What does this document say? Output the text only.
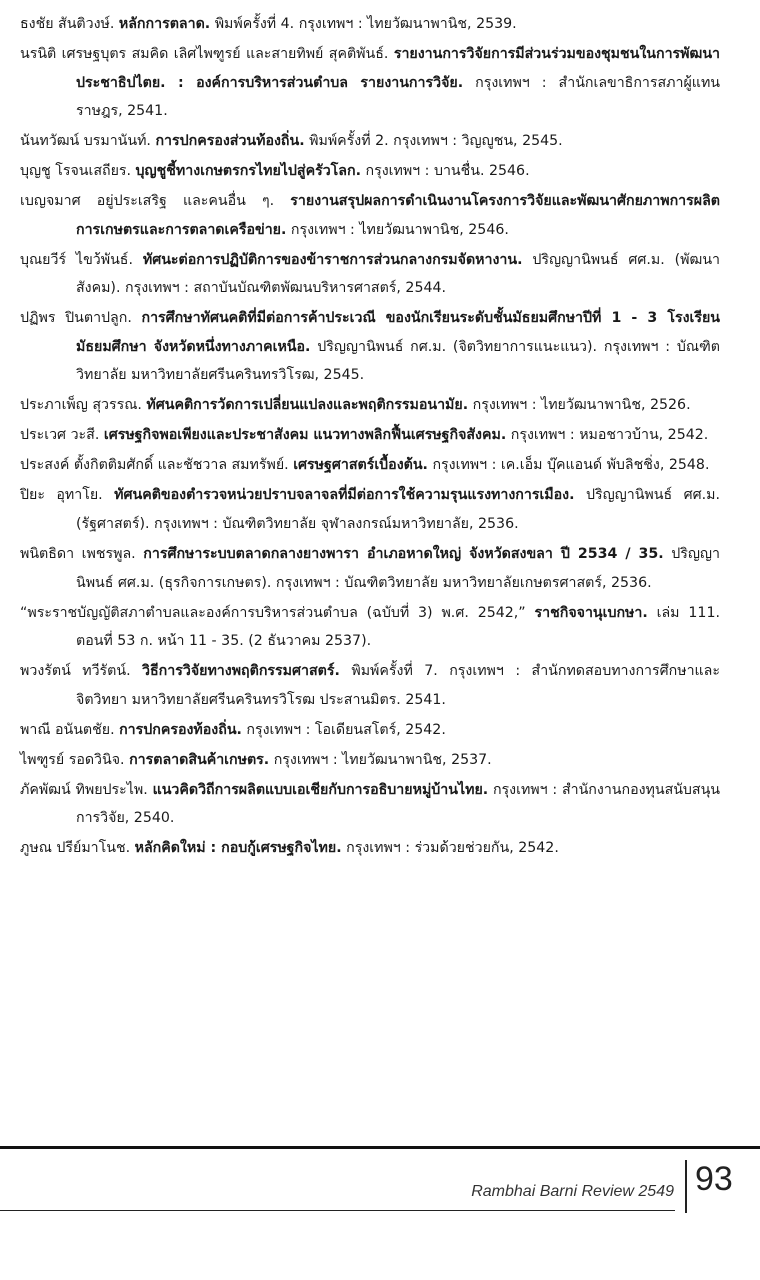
ธงชัย สันติวงษ์. หลักการตลาด. พิมพ์ครั้งที่ 4. กรุงเทพฯ : ไทยวัฒนาพานิช, 2539.

นรนิติ เศรษฐบุตร สมคิด เลิศไพฑูรย์ และสายทิพย์ สุคติพันธ์. รายงานการวิจัยการมีส่วนร่วมของชุมชนในการพัฒนาประชาธิปไตย. : องค์การบริหารส่วนตำบล รายงานการวิจัย. กรุงเทพฯ : สำนักเลขาธิการสภาผู้แทนราษฎร, 2541.

นันทวัฒน์ บรมานันท์. การปกครองส่วนท้องถิ่น. พิมพ์ครั้งที่ 2. กรุงเทพฯ : วิญญูชน, 2545.

บุญชู โรจนเสถียร. บุญชูชี้ทางเกษตรกรไทยไปสู่ครัวโลก. กรุงเทพฯ : บานชื่น. 2546.

เบญจมาศ อยู่ประเสริฐ และคนอื่น ๆ. รายงานสรุปผลการดำเนินงานโครงการวิจัยและพัฒนาศักยภาพการผลิตการเกษตรและการตลาดเครือข่าย. กรุงเทพฯ : ไทยวัฒนาพานิช, 2546.

บุณยวีร์ ไขว้พันธ์. ทัศนะต่อการปฏิบัติการของข้าราชการส่วนกลางกรมจัดหางาน. ปริญญานิพนธ์ ศศ.ม. (พัฒนาสังคม). กรุงเทพฯ : สถาบันบัณฑิตพัฒนบริหารศาสตร์, 2544.

ปฏิพร ปินตาปลูก. การศึกษาทัศนคติที่มีต่อการค้าประเวณี ของนักเรียนระดับชั้นมัธยมศึกษาปีที่ 1 - 3 โรงเรียนมัธยมศึกษา จังหวัดหนึ่งทางภาคเหนือ. ปริญญานิพนธ์ กศ.ม. (จิตวิทยาการแนะแนว). กรุงเทพฯ : บัณฑิตวิทยาลัย มหาวิทยาลัยศรีนครินทรวิโรฒ, 2545.

ประภาเพ็ญ สุวรรณ. ทัศนคติการวัดการเปลี่ยนแปลงและพฤติกรรมอนามัย. กรุงเทพฯ : ไทยวัฒนาพานิช, 2526.

ประเวศ วะสี. เศรษฐกิจพอเพียงและประชาสังคม แนวทางพลิกฟื้นเศรษฐกิจสังคม. กรุงเทพฯ : หมอชาวบ้าน, 2542.

ประสงค์ ตั้งกิตติมศักดิ์ และชัชวาล สมทรัพย์. เศรษฐศาสตร์เบื้องต้น. กรุงเทพฯ : เค.เอ็ม บุ๊คแอนด์ พับลิชชิ่ง, 2548.

ปิยะ อุทาโย. ทัศนคติของตำรวจหน่วยปราบจลาจลที่มีต่อการใช้ความรุนแรงทางการเมือง. ปริญญานิพนธ์ ศศ.ม. (รัฐศาสตร์). กรุงเทพฯ : บัณฑิตวิทยาลัย จุฬาลงกรณ์มหาวิทยาลัย, 2536.

พนิตธิดา เพชรพูล. การศึกษาระบบตลาดกลางยางพารา อำเภอหาดใหญ่ จังหวัดสงขลา ปี 2534 / 35. ปริญญานิพนธ์ ศศ.ม. (ธุรกิจการเกษตร). กรุงเทพฯ : บัณฑิตวิทยาลัย มหาวิทยาลัยเกษตรศาสตร์, 2536.

“พระราชบัญญัติสภาตำบลและองค์การบริหารส่วนตำบล (ฉบับที่ 3) พ.ศ. 2542,” ราชกิจจานุเบกษา. เล่ม 111. ตอนที่ 53 ก. หน้า 11 - 35. (2 ธันวาคม 2537).

พวงรัตน์ ทวีรัตน์. วิธีการวิจัยทางพฤติกรรมศาสตร์. พิมพ์ครั้งที่ 7. กรุงเทพฯ : สำนักทดสอบทางการศึกษาและจิตวิทยา มหาวิทยาลัยศรีนครินทรวิโรฒ ประสานมิตร. 2541.

พาณี อนันตชัย. การปกครองท้องถิ่น. กรุงเทพฯ : โอเดียนสโตร์, 2542.

ไพฑูรย์ รอดวินิจ. การตลาดสินค้าเกษตร. กรุงเทพฯ : ไทยวัฒนาพานิช, 2537.

ภัคพัฒน์ ทิพยประไพ. แนวคิดวิถีการผลิตแบบเอเชียกับการอธิบายหมู่บ้านไทย. กรุงเทพฯ : สำนักงานกองทุนสนับสนุนการวิจัย, 2540.

ภูษณ ปรีย์มาโนช. หลักคิดใหม่ : กอบกู้เศรษฐกิจไทย. กรุงเทพฯ : ร่วมด้วยช่วยกัน, 2542.

Rambhai Barni Review 2549 93
